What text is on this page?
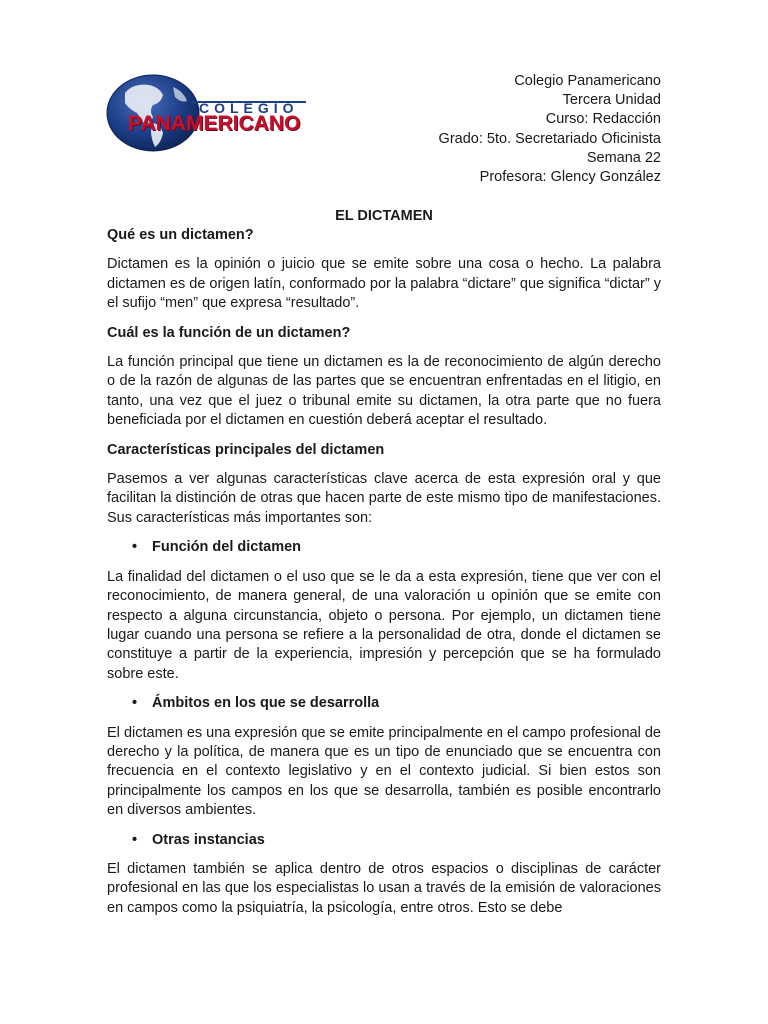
COLEGIO
PANAMERICANO
Colegio Panamericano
Tercera Unidad
Curso: Redacción
Grado: 5to. Secretariado Oficinista
Semana 22
Profesora: Glency González
EL DICTAMEN
Qué es un dictamen?
Dictamen es la opinión o juicio que se emite sobre una cosa o hecho. La palabra dictamen es de origen latín, conformado por la palabra “dictare” que significa “dictar” y el sufijo “men” que expresa “resultado”.
Cuál es la función de un dictamen?
La función principal que tiene un dictamen es la de reconocimiento de algún derecho o de la razón de algunas de las partes que se encuentran enfrentadas en el litigio, en tanto, una vez que el juez o tribunal emite su dictamen, la otra parte que no fuera beneficiada por el dictamen en cuestión deberá aceptar el resultado.
Características principales del dictamen
Pasemos a ver algunas características clave acerca de esta expresión oral y que facilitan la distinción de otras que hacen parte de este mismo tipo de manifestaciones. Sus características más importantes son:
• Función del dictamen
La finalidad del dictamen o el uso que se le da a esta expresión, tiene que ver con el reconocimiento, de manera general, de una valoración u opinión que se emite con respecto a alguna circunstancia, objeto o persona. Por ejemplo, un dictamen tiene lugar cuando una persona se refiere a la personalidad de otra, donde el dictamen se constituye a partir de la experiencia, impresión y percepción que se ha formulado sobre este.
• Ámbitos en los que se desarrolla
El dictamen es una expresión que se emite principalmente en el campo profesional de derecho y la política, de manera que es un tipo de enunciado que se encuentra con frecuencia en el contexto legislativo y en el contexto judicial. Si bien estos son principalmente los campos en los que se desarrolla, también es posible encontrarlo en diversos ambientes.
• Otras instancias
El dictamen también se aplica dentro de otros espacios o disciplinas de carácter profesional en las que los especialistas lo usan a través de la emisión de valoraciones en campos como la psiquiatría, la psicología, entre otros. Esto se debe
